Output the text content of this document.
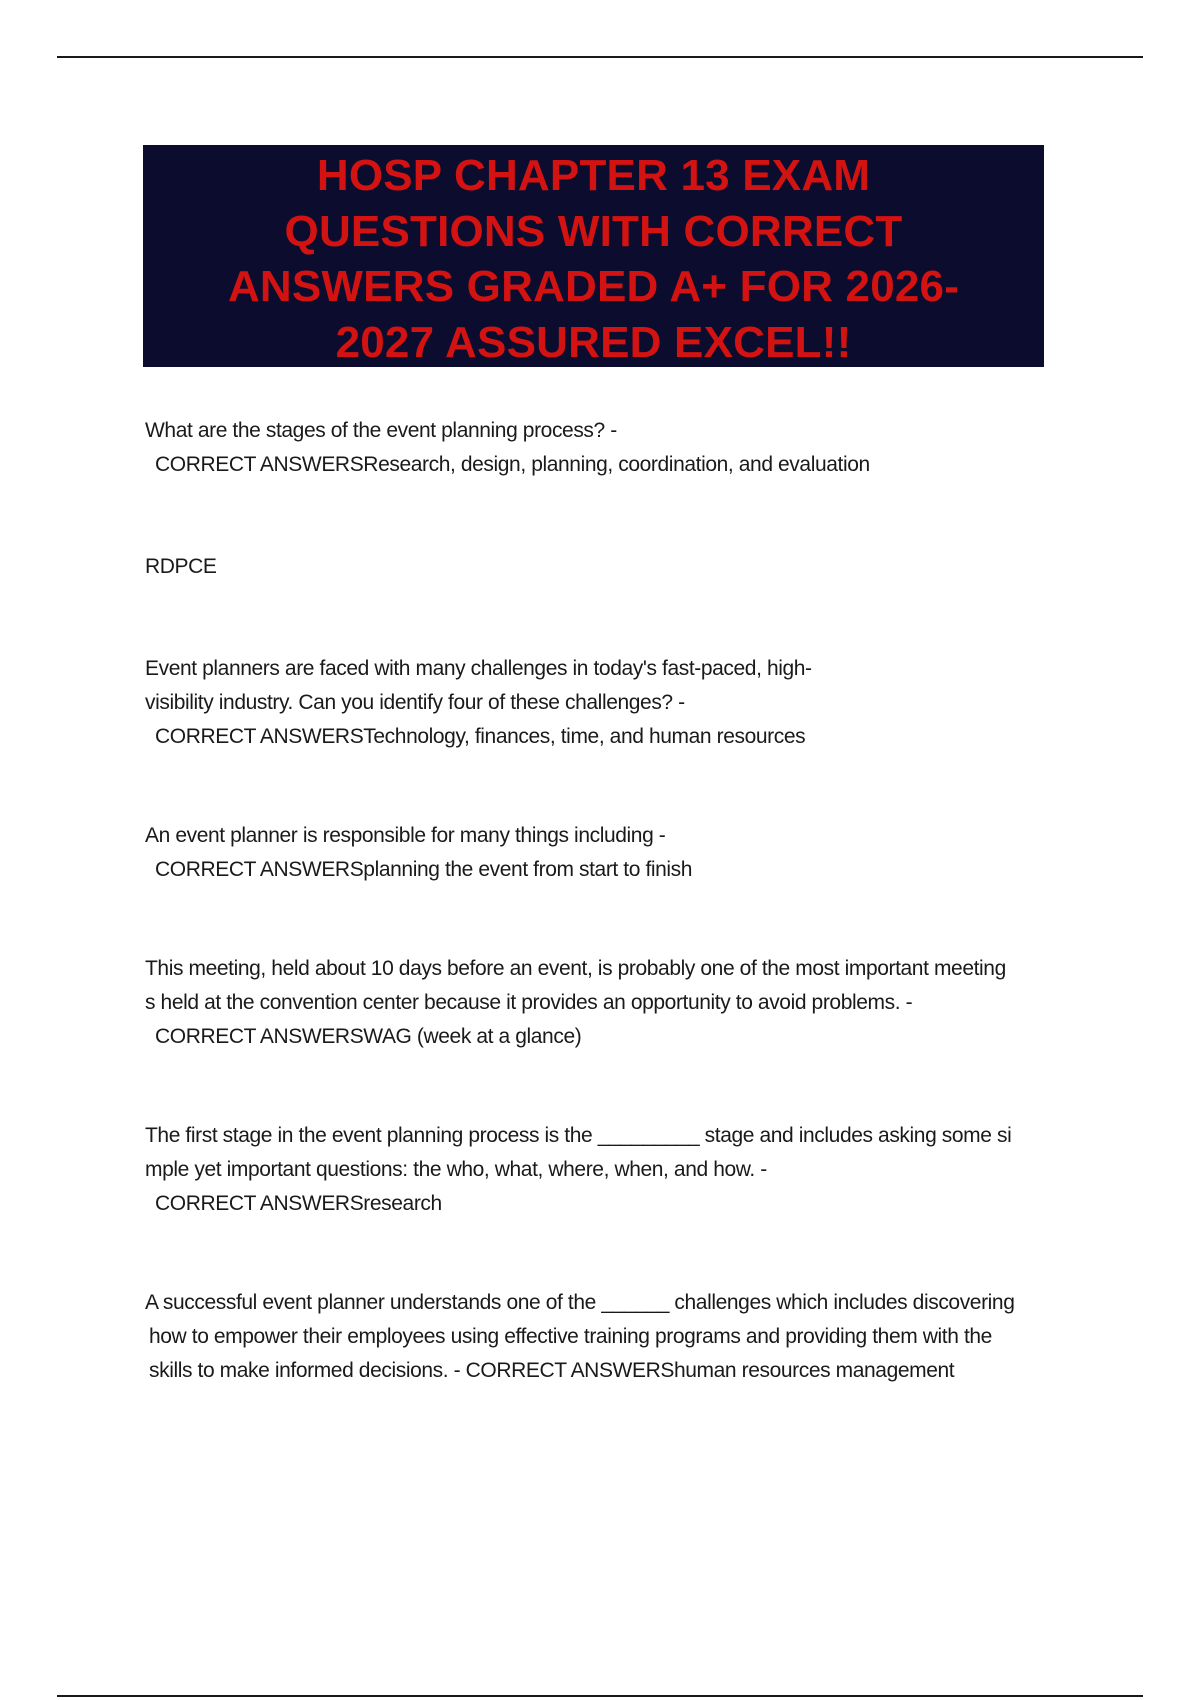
HOSP CHAPTER 13 EXAM
QUESTIONS WITH CORRECT
ANSWERS GRADED A+ FOR 2026-
2027 ASSURED EXCEL!!

What are the stages of the event planning process? -
CORRECT ANSWERSResearch, design, planning, coordination, and evaluation

RDPCE

Event planners are faced with many challenges in today's fast-paced, high-
visibility industry. Can you identify four of these challenges? -
CORRECT ANSWERSTechnology, finances, time, and human resources

An event planner is responsible for many things including -
CORRECT ANSWERSplanning the event from start to finish

This meeting, held about 10 days before an event, is probably one of the most important meeting
s held at the convention center because it provides an opportunity to avoid problems. -
CORRECT ANSWERSWAG (week at a glance)

The first stage in the event planning process is the _________ stage and includes asking some si
mple yet important questions: the who, what, where, when, and how. -
CORRECT ANSWERSresearch

A successful event planner understands one of the ______ challenges which includes discovering
how to empower their employees using effective training programs and providing them with the
skills to make informed decisions. - CORRECT ANSWERShuman resources management
